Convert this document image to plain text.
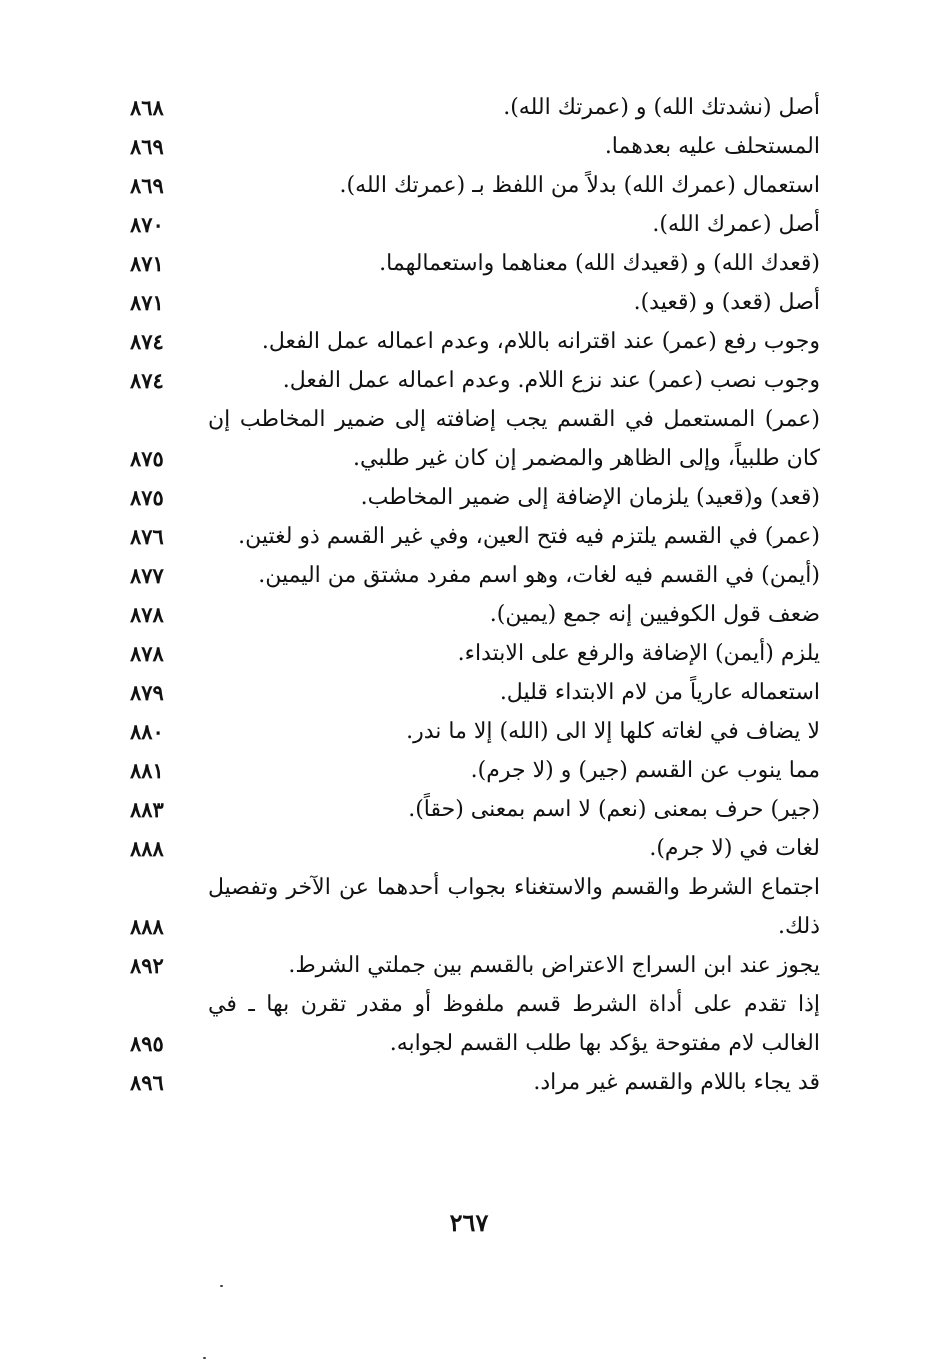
أصل (نشدتك الله) و (عمرتك الله).
٨٦٨
المستحلف عليه بعدهما.
٨٦٩
استعمال (عمرك الله) بدلاً من اللفظ بـ (عمرتك الله).
٨٦٩
أصل (عمرك الله).
٨٧٠
(قعدك الله) و (قعيدك الله) معناهما واستعمالهما.
٨٧١
أصل (قعد) و (قعيد).
٨٧١
وجوب رفع (عمر) عند اقترانه باللام، وعدم اعماله عمل الفعل.
٨٧٤
وجوب نصب (عمر) عند نزع اللام. وعدم اعماله عمل الفعل.
٨٧٤
(عمر) المستعمل في القسم يجب إضافته إلى ضمير المخاطب إن كان طلبياً، وإلى الظاهر والمضمر إن كان غير طلبي.
٨٧٥
(قعد) و(قعيد) يلزمان الإضافة إلى ضمير المخاطب.
٨٧٥
(عمر) في القسم يلتزم فيه فتح العين، وفي غير القسم ذو لغتين.
٨٧٦
(أيمن) في القسم فيه لغات، وهو اسم مفرد مشتق من اليمين.
٨٧٧
ضعف قول الكوفيين إنه جمع (يمين).
٨٧٨
يلزم (أيمن) الإضافة والرفع على الابتداء.
٨٧٨
استعماله عارياً من لام الابتداء قليل.
٨٧٩
لا يضاف في لغاته كلها إلا الى (الله) إلا ما ندر.
٨٨٠
مما ينوب عن القسم (جير) و (لا جرم).
٨٨١
(جير) حرف بمعنى (نعم) لا اسم بمعنى (حقاً).
٨٨٣
لغات في (لا جرم).
٨٨٨
اجتماع الشرط والقسم والاستغناء بجواب أحدهما عن الآخر وتفصيل ذلك.
٨٨٨
يجوز عند ابن السراج الاعتراض بالقسم بين جملتي الشرط.
٨٩٢
إذا تقدم على أداة الشرط قسم ملفوظ أو مقدر تقرن بها ـ في الغالب لام مفتوحة يؤكد بها طلب القسم لجوابه.
٨٩٥
قد يجاء باللام والقسم غير مراد.
٨٩٦
٢٦٧
